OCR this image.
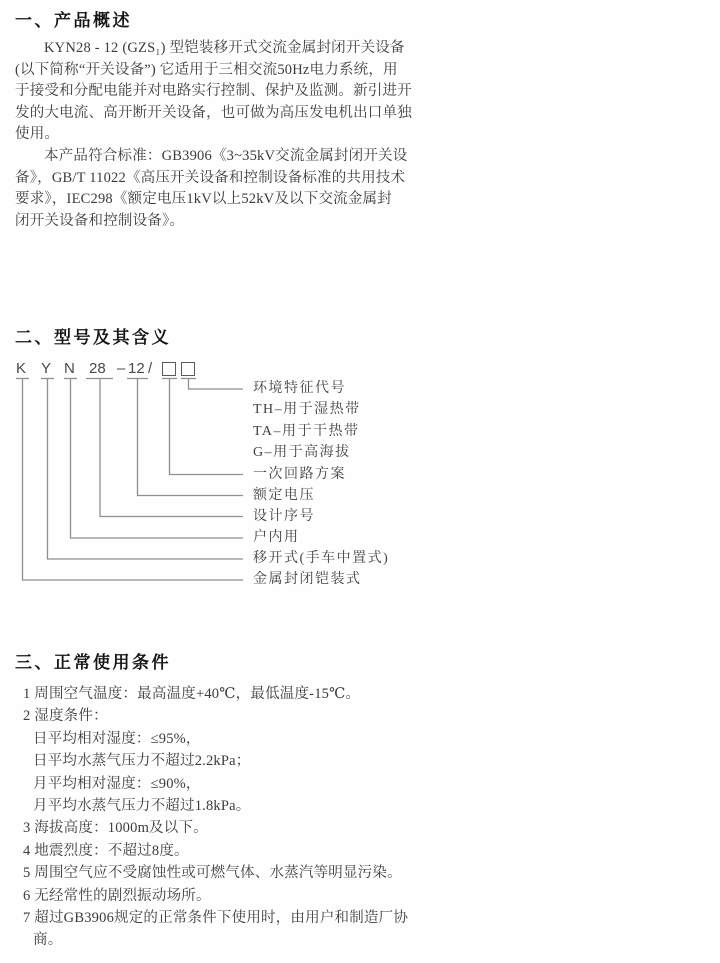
一、产品概述
KYN28 - 12 (GZS₁) 型铠装移开式交流金属封闭开关设备
(以下简称“开关设备”) 它适用于三相交流50Hz电力系统，用
于接受和分配电能并对电路实行控制、保护及监测。新引进开
发的大电流、高开断开关设备，也可做为高压发电机出口单独
使用。
本产品符合标准：GB3906《3~35kV交流金属封闭开关设
备》，GB/T 11022《高压开关设备和控制设备标准的共用技术
要求》，IEC298《额定电压1kV以上52kV及以下交流金属封
闭开关设备和控制设备》。
二、型号及其含义
K Y N 28 – 12 /
环境特征代号
TH–用于湿热带
TA–用于干热带
G–用于高海拔
一次回路方案
额定电压
设计序号
户内用
移开式(手车中置式)
金属封闭铠装式
三、正常使用条件
1 周围空气温度：最高温度+40℃，最低温度-15℃。
2 湿度条件：
日平均相对湿度：≤95%，
日平均水蒸气压力不超过2.2kPa；
月平均相对湿度：≤90%，
月平均水蒸气压力不超过1.8kPa。
3 海拔高度：1000m及以下。
4 地震烈度：不超过8度。
5 周围空气应不受腐蚀性或可燃气体、水蒸汽等明显污染。
6 无经常性的剧烈振动场所。
7 超过GB3906规定的正常条件下使用时，由用户和制造厂协
商。
